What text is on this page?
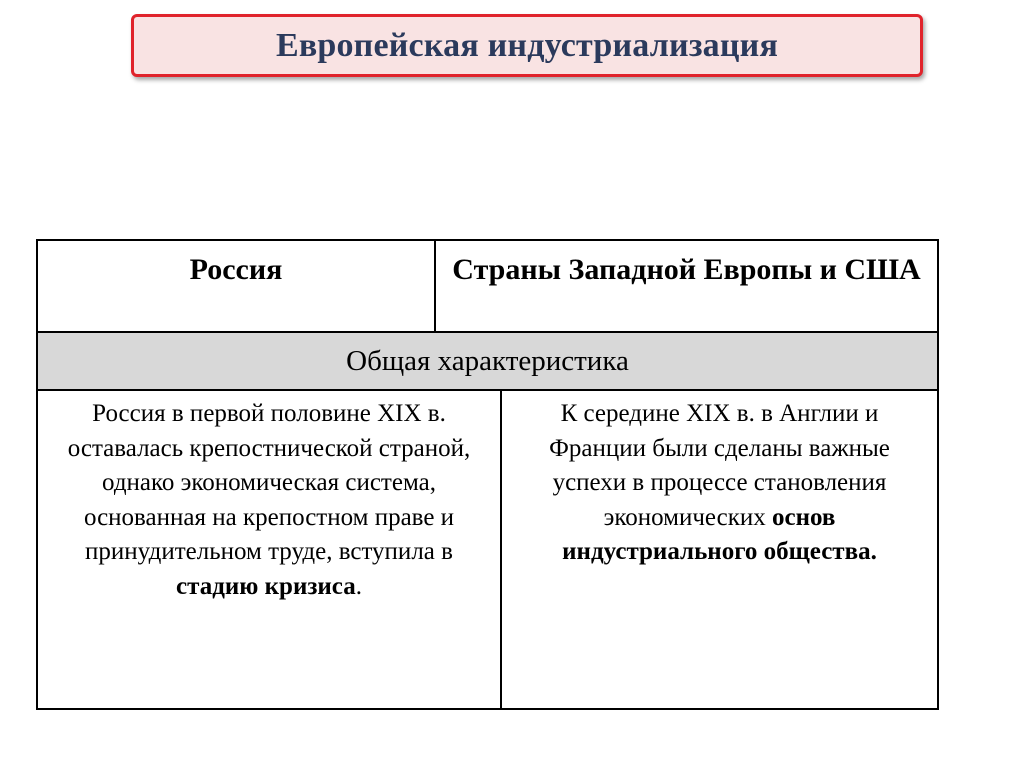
Европейская индустриализация
Россия	Страны Западной Европы и США
Общая характеристика
Россия в первой половине XIX в. оставалась крепостнической страной, однако экономическая система, основанная на крепостном праве и принудительном труде, вступила в стадию кризиса.
К середине XIX в. в Англии и Франции были сделаны важные успехи в процессе становления экономических основ индустриального общества.
